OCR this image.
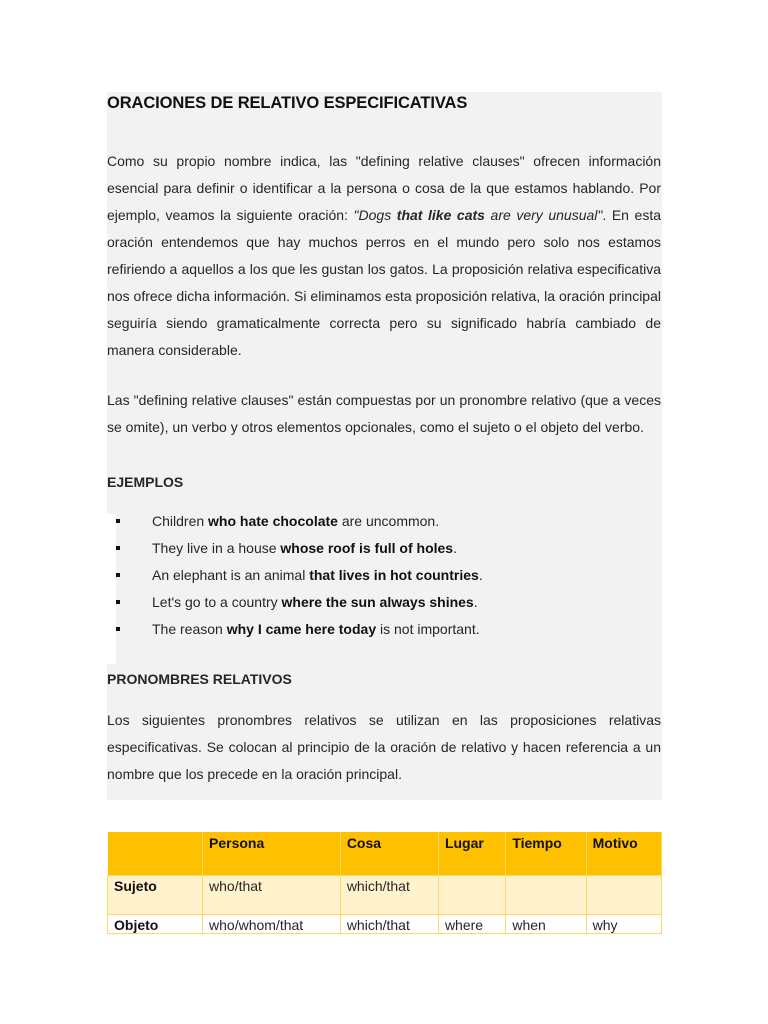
ORACIONES DE RELATIVO ESPECIFICATIVAS

Como su propio nombre indica, las "defining relative clauses" ofrecen información esencial para definir o identificar a la persona o cosa de la que estamos hablando. Por ejemplo, veamos la siguiente oración: "Dogs that like cats are very unusual". En esta oración entendemos que hay muchos perros en el mundo pero solo nos estamos refiriendo a aquellos a los que les gustan los gatos. La proposición relativa especificativa nos ofrece dicha información. Si eliminamos esta proposición relativa, la oración principal seguiría siendo gramaticalmente correcta pero su significado habría cambiado de manera considerable.

Las "defining relative clauses" están compuestas por un pronombre relativo (que a veces se omite), un verbo y otros elementos opcionales, como el sujeto o el objeto del verbo.

EJEMPLOS
Children who hate chocolate are uncommon.
They live in a house whose roof is full of holes.
An elephant is an animal that lives in hot countries.
Let's go to a country where the sun always shines.
The reason why I came here today is not important.
PRONOMBRES RELATIVOS

Los siguientes pronombres relativos se utilizan en las proposiciones relativas especificativas. Se colocan al principio de la oración de relativo y hacen referencia a un nombre que los precede en la oración principal.

	Persona	Cosa	Lugar	Tiempo	Motivo
Sujeto	who/that	which/that			
Objeto	who/whom/that	which/that	where	when	why
